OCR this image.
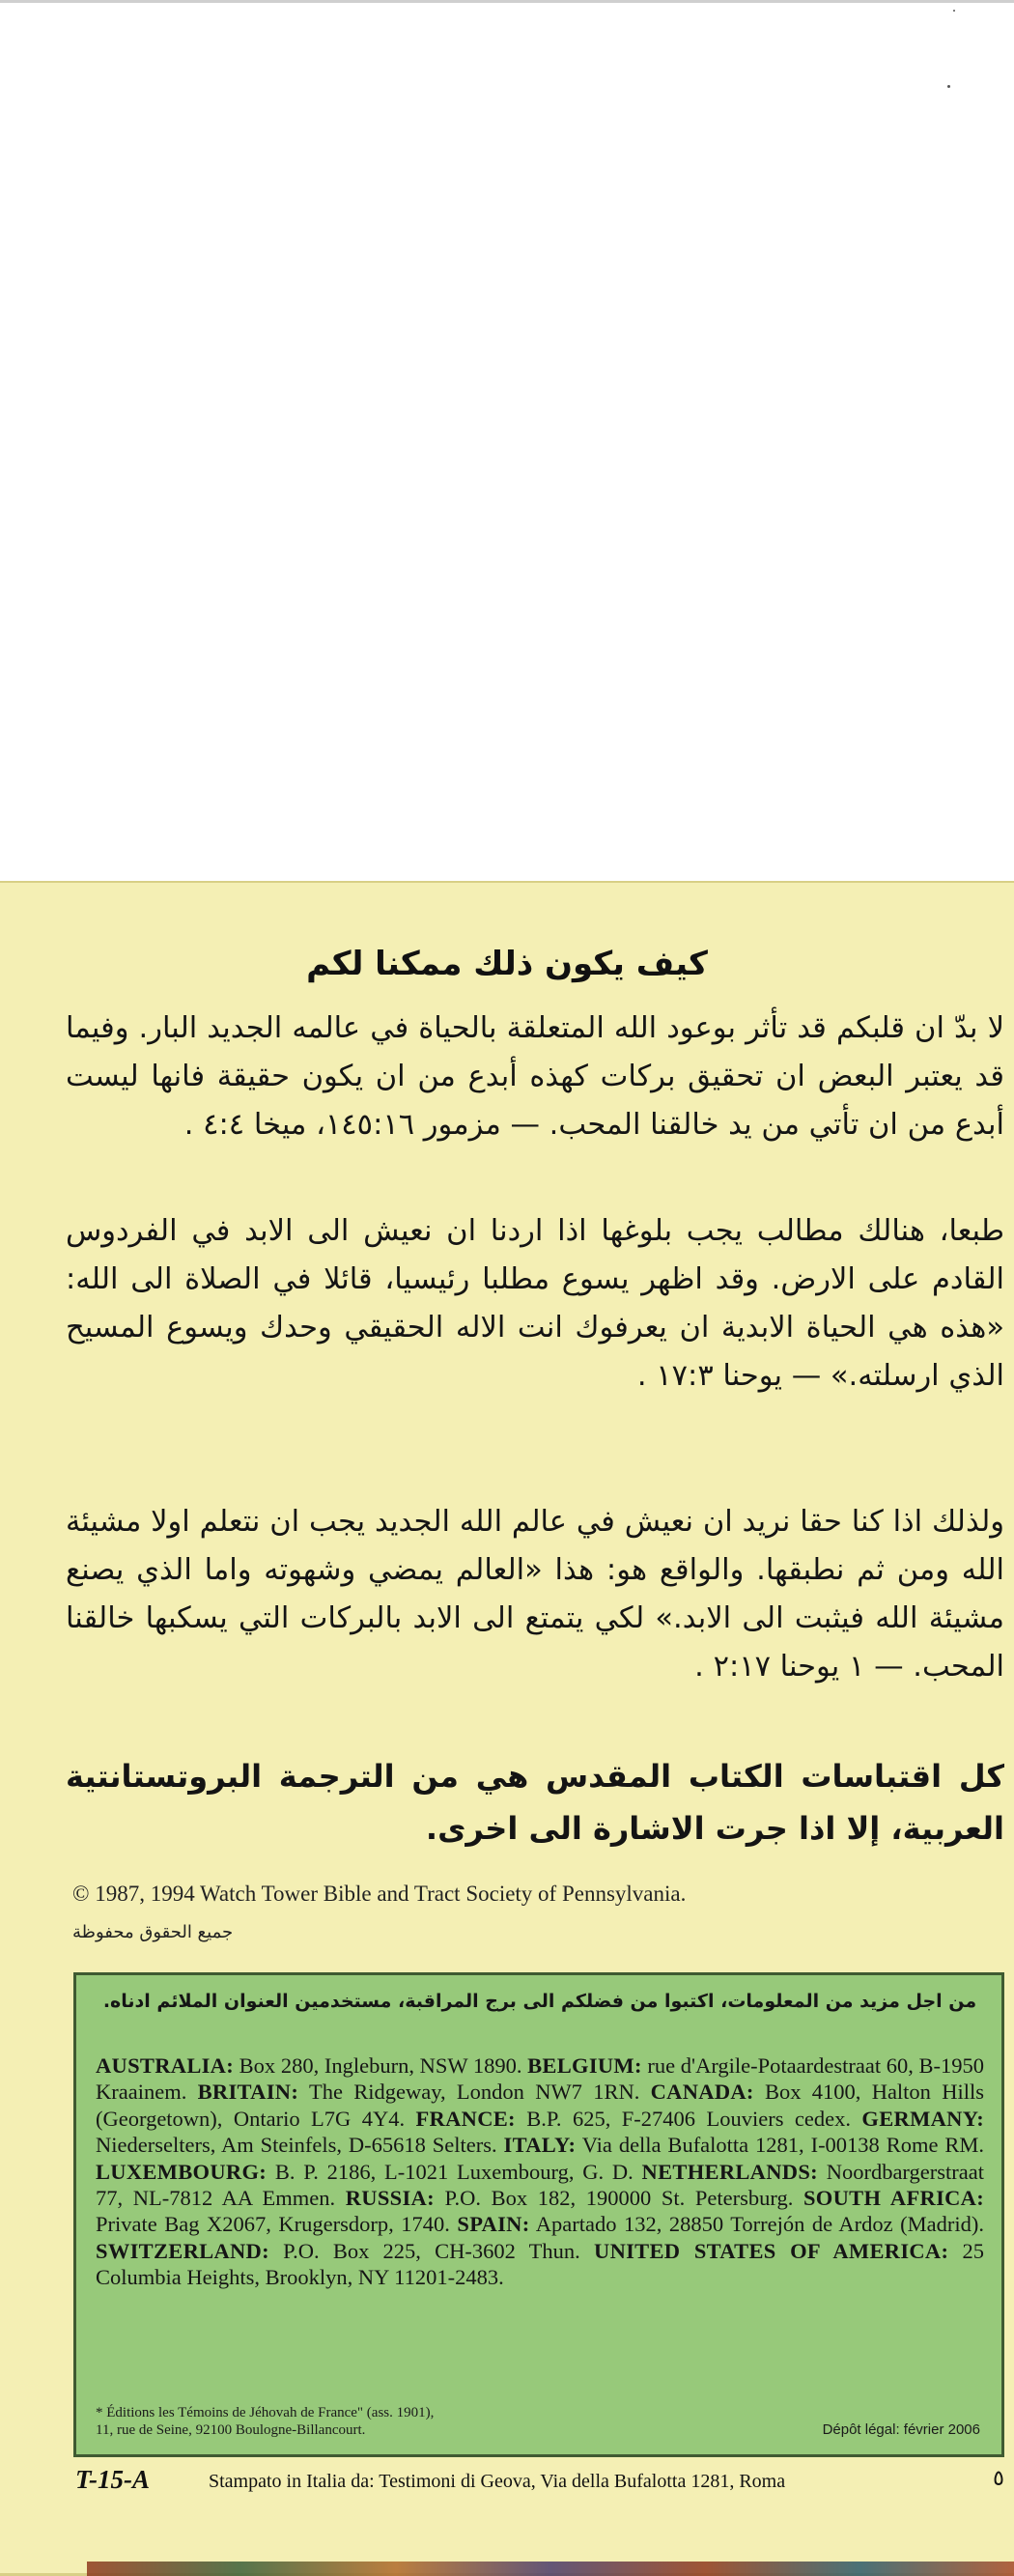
كيف يكون ذلك ممكنا لكم
لا بدّ ان قلبكم قد تأثر بوعود الله المتعلقة بالحياة في عالمه الجديد البار. وفيما قد يعتبر البعض ان تحقيق بركات كهذه أبدع من ان يكون حقيقة فانها ليست أبدع من ان تأتي من يد خالقنا المحب. — مزمور ١٤٥:١٦، ميخا ٤:٤ .
طبعا، هنالك مطالب يجب بلوغها اذا اردنا ان نعيش الى الابد في الفردوس القادم على الارض. وقد اظهر يسوع مطلبا رئيسيا، قائلا في الصلاة الى الله: «هذه هي الحياة الابدية ان يعرفوك انت الاله الحقيقي وحدك ويسوع المسيح الذي ارسلته.» — يوحنا ١٧:٣ .
ولذلك اذا كنا حقا نريد ان نعيش في عالم الله الجديد يجب ان نتعلم اولا مشيئة الله ومن ثم نطبقها. والواقع هو: هذا «العالم يمضي وشهوته واما الذي يصنع مشيئة الله فيثبت الى الابد.» لكي يتمتع الى الابد بالبركات التي يسكبها خالقنا المحب. — ١ يوحنا ٢:١٧ .
كل اقتباسات الكتاب المقدس هي من الترجمة البروتستانتية العربية، إلا اذا جرت الاشارة الى اخرى.
© 1987, 1994 Watch Tower Bible and Tract Society of Pennsylvania.
جميع الحقوق محفوظة
من اجل مزيد من المعلومات، اكتبوا من فضلكم الى برج المراقبة، مستخدمين العنوان الملائم ادناه.
AUSTRALIA: Box 280, Ingleburn, NSW 1890. BELGIUM: rue d'Argile-Potaardestraat 60, B-1950 Kraainem. BRITAIN: The Ridgeway, London NW7 1RN. CANADA: Box 4100, Halton Hills (Georgetown), Ontario L7G 4Y4. FRANCE: B.P. 625, F-27406 Louviers cedex. GERMANY: Niederselters, Am Steinfels, D-65618 Selters. ITALY: Via della Bufalotta 1281, I-00138 Rome RM. LUXEMBOURG: B. P. 2186, L-1021 Luxembourg, G. D. NETHERLANDS: Noordbargerstraat 77, NL-7812 AA Emmen. RUSSIA: P.O. Box 182, 190000 St. Petersburg. SOUTH AFRICA: Private Bag X2067, Krugersdorp, 1740. SPAIN: Apartado 132, 28850 Torrejón de Ardoz (Madrid). SWITZERLAND: P.O. Box 225, CH-3602 Thun. UNITED STATES OF AMERICA: 25 Columbia Heights, Brooklyn, NY 11201-2483.
* Éditions les Témoins de Jéhovah de France" (ass. 1901),
11, rue de Seine, 92100 Boulogne-Billancourt.	Dépôt légal: février 2006
T-15-A	Stampato in Italia da: Testimoni di Geova, Via della Bufalotta 1281, Roma	٥
